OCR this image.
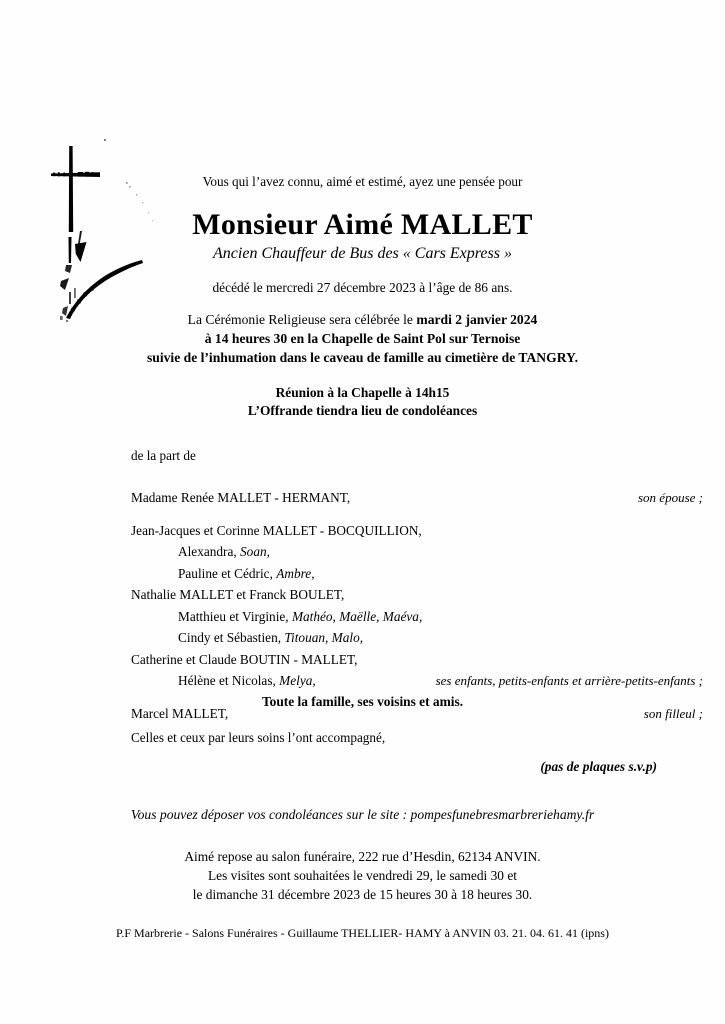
Vous qui l’avez connu, aimé et estimé, ayez une pensée pour
Monsieur Aimé MALLET
Ancien Chauffeur de Bus des « Cars Express »
décédé le mercredi 27 décembre 2023 à l’âge de 86 ans.
La Cérémonie Religieuse sera célébrée le mardi 2 janvier 2024
à 14 heures 30 en la Chapelle de Saint Pol sur Ternoise
suivie de l’inhumation dans le caveau de famille au cimetière de TANGRY.
Réunion à la Chapelle à 14h15
L’Offrande tiendra lieu de condoléances
de la part de
Madame Renée MALLET - HERMANT,	son épouse ;
Jean-Jacques et Corinne MALLET - BOCQUILLION,
Alexandra, Soan,
Pauline et Cédric, Ambre,
Nathalie MALLET et Franck BOULET,
Matthieu et Virginie, Mathéo, Maëlle, Maéva,
Cindy et Sébastien, Titouan, Malo,
Catherine et Claude BOUTIN - MALLET,
Hélène et Nicolas, Melya,	ses enfants, petits-enfants et arrière-petits-enfants ;
Marcel MALLET,	son filleul ;
Toute la famille, ses voisins et amis.
Celles et ceux par leurs soins l’ont accompagné,
(pas de plaques s.v.p)
Vous pouvez déposer vos condoléances sur le site : pompesfunebresmarbreriehamy.fr
Aimé repose au salon funéraire, 222 rue d’Hesdin, 62134 ANVIN.
Les visites sont souhaitées le vendredi 29, le samedi 30 et
le dimanche 31 décembre 2023 de 15 heures 30 à 18 heures 30.
P.F Marbrerie - Salons Funéraires - Guillaume THELLIER- HAMY à ANVIN 03. 21. 04. 61. 41 (ipns)
